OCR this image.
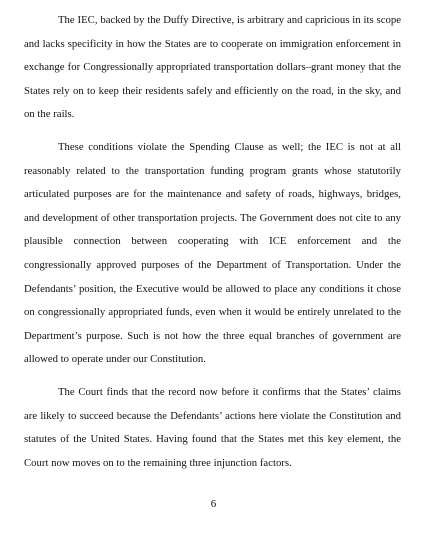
The IEC, backed by the Duffy Directive, is arbitrary and capricious in its scope and lacks specificity in how the States are to cooperate on immigration enforcement in exchange for Congressionally appropriated transportation dollars–grant money that the States rely on to keep their residents safely and efficiently on the road, in the sky, and on the rails.

These conditions violate the Spending Clause as well; the IEC is not at all reasonably related to the transportation funding program grants whose statutorily articulated purposes are for the maintenance and safety of roads, highways, bridges, and development of other transportation projects. The Government does not cite to any plausible connection between cooperating with ICE enforcement and the congressionally approved purposes of the Department of Transportation. Under the Defendants’ position, the Executive would be allowed to place any conditions it chose on congressionally appropriated funds, even when it would be entirely unrelated to the Department’s purpose. Such is not how the three equal branches of government are allowed to operate under our Constitution.

The Court finds that the record now before it confirms that the States’ claims are likely to succeed because the Defendants’ actions here violate the Constitution and statutes of the United States. Having found that the States met this key element, the Court now moves on to the remaining three injunction factors.

6
